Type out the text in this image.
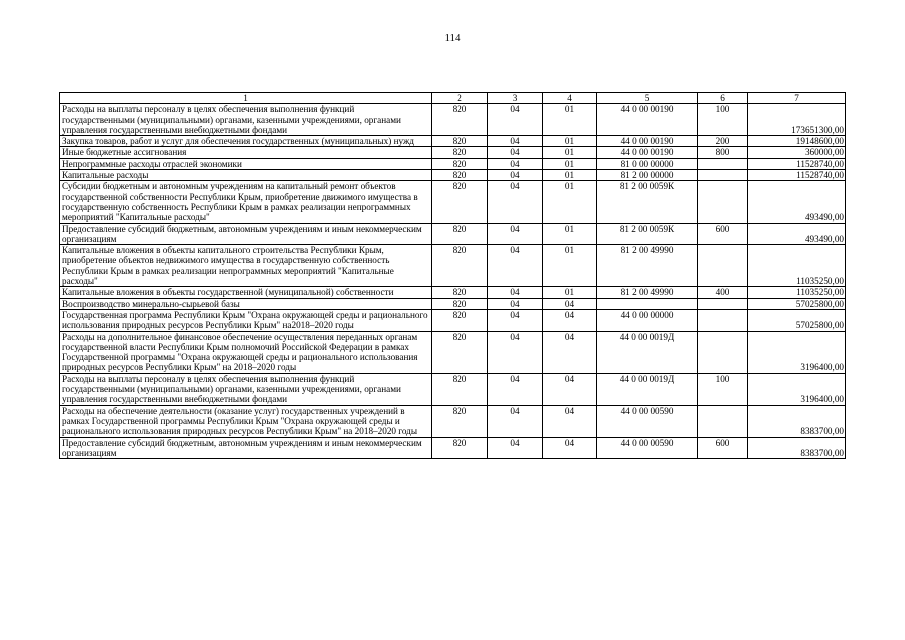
114
1	2	3	4	5	6	7
Расходы на выплаты персоналу в целях обеспечения выполнения функций государственными (муниципальными) органами, казенными учреждениями, органами управления государственными внебюджетными фондами	820	04	01	44 0 00 00190	100	173651300,00
Закупка товаров, работ и услуг для обеспечения государственных (муниципальных) нужд	820	04	01	44 0 00 00190	200	19148600,00
Иные бюджетные ассигнования	820	04	01	44 0 00 00190	800	360000,00
Непрограммные расходы отраслей экономики	820	04	01	81 0 00 00000		11528740,00
Капитальные расходы	820	04	01	81 2 00 00000		11528740,00
Субсидии бюджетным и автономным учреждениям на капитальный ремонт объектов государственной собственности Республики Крым, приобретение движимого имущества в государственную собственность Республики Крым в рамках реализации непрограммных мероприятий "Капитальные расходы"	820	04	01	81 2 00 0059К		493490,00
Предоставление субсидий бюджетным, автономным учреждениям и иным некоммерческим организациям	820	04	01	81 2 00 0059К	600	493490,00
Капитальные вложения в объекты капитального строительства Республики Крым, приобретение объектов недвижимого имущества в государственную собственность Республики Крым в рамках реализации непрограммных мероприятий "Капитальные расходы"	820	04	01	81 2 00 49990		11035250,00
Капитальные вложения в объекты государственной (муниципальной) собственности	820	04	01	81 2 00 49990	400	11035250,00
Воспроизводство минерально-сырьевой базы	820	04	04			57025800,00
Государственная программа Республики Крым "Охрана окружающей среды и рационального использования природных ресурсов Республики Крым" на2018–2020 годы	820	04	04	44 0 00 00000		57025800,00
Расходы на дополнительное финансовое обеспечение осуществления переданных органам государственной власти Республики Крым полномочий Российской Федерации в рамках Государственной программы "Охрана окружающей среды и рационального использования природных ресурсов Республики Крым" на 2018–2020 годы	820	04	04	44 0 00 0019Д		3196400,00
Расходы на выплаты персоналу в целях обеспечения выполнения функций государственными (муниципальными) органами, казенными учреждениями, органами управления государственными внебюджетными фондами	820	04	04	44 0 00 0019Д	100	3196400,00
Расходы на обеспечение деятельности (оказание услуг) государственных учреждений в рамках Государственной программы Республики Крым "Охрана окружающей среды и рационального использования природных ресурсов Республики Крым" на 2018–2020 годы	820	04	04	44 0 00 00590		8383700,00
Предоставление субсидий бюджетным, автономным учреждениям и иным некоммерческим организациям	820	04	04	44 0 00 00590	600	8383700,00
